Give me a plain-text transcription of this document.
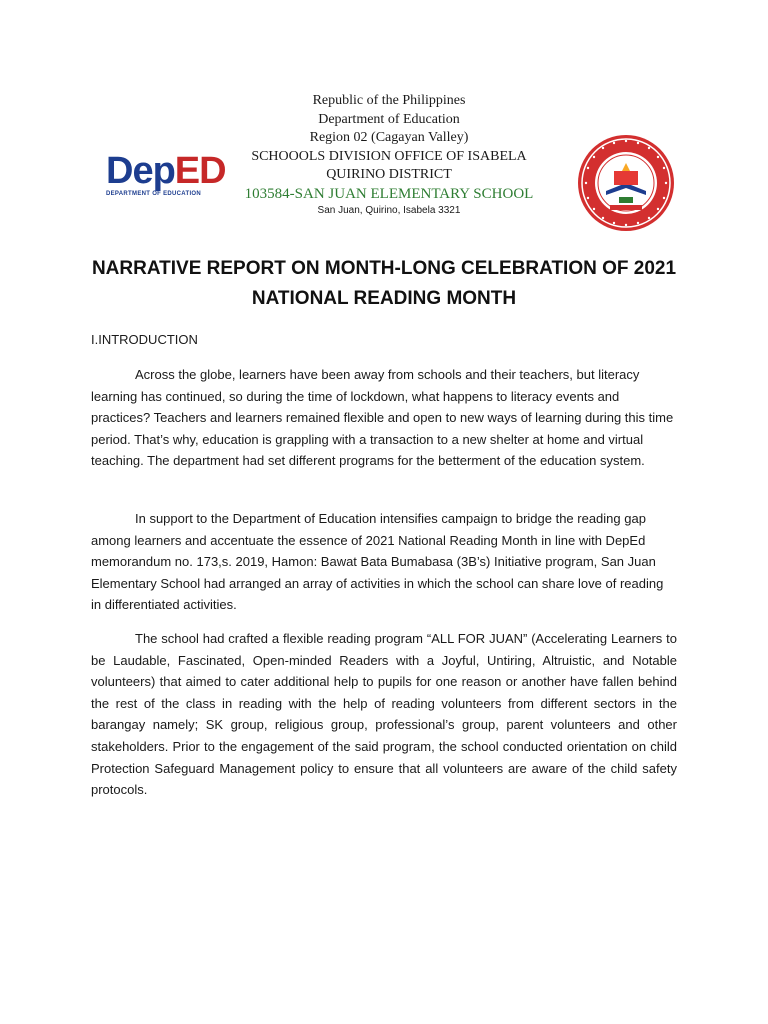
DepED
DEPARTMENT OF EDUCATION
Republic of the Philippines
Department of Education
Region 02 (Cagayan Valley)
SCHOOOLS DIVISION OFFICE OF ISABELA
QUIRINO DISTRICT
103584-SAN JUAN ELEMENTARY SCHOOL
San Juan, Quirino, Isabela 3321
NARRATIVE REPORT ON MONTH-LONG CELEBRATION OF 2021
NATIONAL READING MONTH
I.INTRODUCTION

Across the globe, learners have been away from schools and their teachers, but literacy learning has continued, so during the time of lockdown, what happens to literacy events and practices? Teachers and learners remained flexible and open to new ways of learning during this time period. That’s why, education is grappling with a transaction to a new shelter at home and virtual teaching. The department had set different programs for the betterment of the education system.

In support to the Department of Education intensifies campaign to bridge the reading gap among learners and accentuate the essence of 2021 National Reading Month in line with DepEd memorandum no. 173,s. 2019, Hamon: Bawat Bata Bumabasa (3B’s) Initiative program, San Juan Elementary School had arranged an array of activities in which the school can share love of reading in differentiated activities.

The school had crafted a flexible reading program “ALL FOR JUAN” (Accelerating Learners to be Laudable, Fascinated, Open-minded Readers with a Joyful, Untiring, Altruistic, and Notable volunteers) that aimed to cater additional help to pupils for one reason or another have fallen behind the rest of the class in reading with the help of reading volunteers from different sectors in the barangay namely; SK group, religious group, professional’s group, parent volunteers and other stakeholders. Prior to the engagement of the said program, the school conducted orientation on child Protection Safeguard Management policy to ensure that all volunteers are aware of the child safety protocols.
